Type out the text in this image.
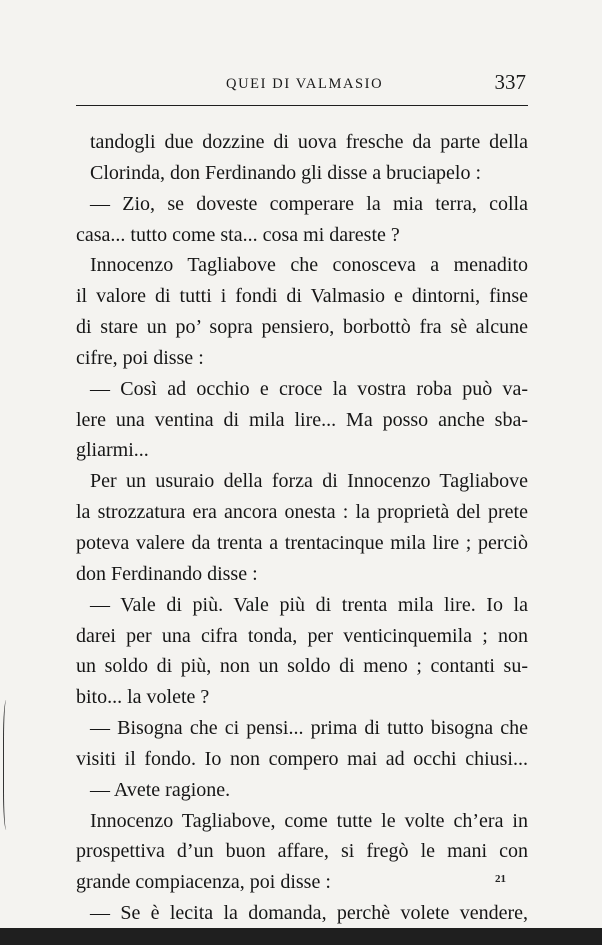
QUEI DI VALMASIO	337
tandogli due dozzine di uova fresche da parte della
Clorinda, don Ferdinando gli disse a bruciapelo :
— Zio, se doveste comperare la mia terra, colla
casa... tutto come sta... cosa mi dareste ?
Innocenzo Tagliabove che conosceva a menadito
il valore di tutti i fondi di Valmasio e dintorni, finse
di stare un po’ sopra pensiero, borbottò fra sè alcune
cifre, poi disse :
— Così ad occhio e croce la vostra roba può va-
lere una ventina di mila lire... Ma posso anche sba-
gliarmi...
Per un usuraio della forza di Innocenzo Tagliabove
la strozzatura era ancora onesta : la proprietà del prete
poteva valere da trenta a trentacinque mila lire ; perciò
don Ferdinando disse :
— Vale di più. Vale più di trenta mila lire. Io la
darei per una cifra tonda, per venticinquemila ; non
un soldo di più, non un soldo di meno ; contanti su-
bito... la volete ?
— Bisogna che ci pensi... prima di tutto bisogna che
visiti il fondo. Io non compero mai ad occhi chiusi...
— Avete ragione.
Innocenzo Tagliabove, come tutte le volte ch’era in
prospettiva d’un buon affare, si fregò le mani con
grande compiacenza, poi disse :
— Se è lecita la domanda, perchè volete vendere,
21
